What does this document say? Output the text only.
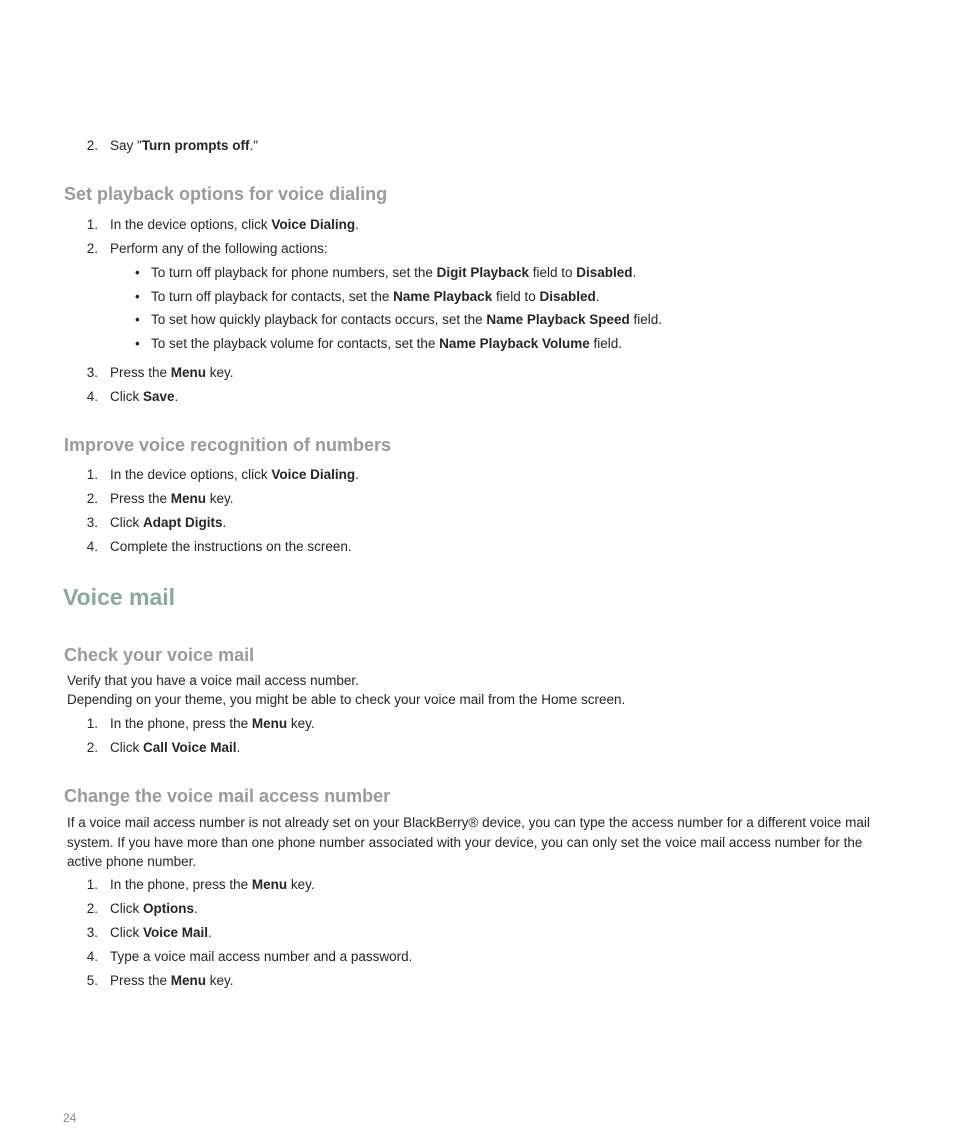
2. Say "Turn prompts off."
Set playback options for voice dialing
1. In the device options, click Voice Dialing.
2. Perform any of the following actions:
• To turn off playback for phone numbers, set the Digit Playback field to Disabled.
• To turn off playback for contacts, set the Name Playback field to Disabled.
• To set how quickly playback for contacts occurs, set the Name Playback Speed field.
• To set the playback volume for contacts, set the Name Playback Volume field.
3. Press the Menu key.
4. Click Save.
Improve voice recognition of numbers
1. In the device options, click Voice Dialing.
2. Press the Menu key.
3. Click Adapt Digits.
4. Complete the instructions on the screen.
Voice mail
Check your voice mail
Verify that you have a voice mail access number.
Depending on your theme, you might be able to check your voice mail from the Home screen.
1. In the phone, press the Menu key.
2. Click Call Voice Mail.
Change the voice mail access number
If a voice mail access number is not already set on your BlackBerry® device, you can type the access number for a different voice mail system. If you have more than one phone number associated with your device, you can only set the voice mail access number for the active phone number.
1. In the phone, press the Menu key.
2. Click Options.
3. Click Voice Mail.
4. Type a voice mail access number and a password.
5. Press the Menu key.
24
